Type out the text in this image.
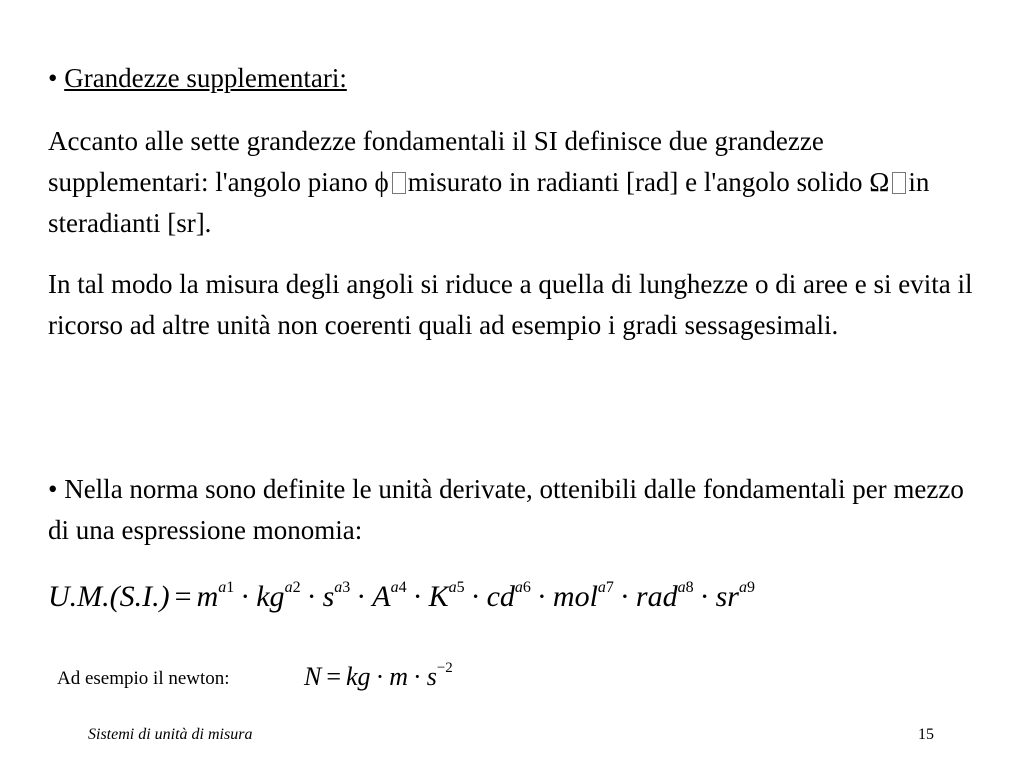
• Grandezze supplementari:
Accanto alle sette grandezze fondamentali il SI definisce due grandezze supplementari: l'angolo piano ϕ misurato in radianti [rad] e l'angolo solido Ω in steradianti [sr].
In tal modo la misura degli angoli si riduce a quella di lunghezze o di aree e si evita il ricorso ad altre unità non coerenti quali ad esempio i gradi sessagesimali.
• Nella norma sono definite le unità derivate, ottenibili dalle fondamentali per mezzo di una espressione monomia:
$U.M.(S.I.) = m^{a1} \cdot kg^{a2} \cdot s^{a3} \cdot A^{a4} \cdot K^{a5} \cdot cd^{a6} \cdot mol^{a7} \cdot rad^{a8} \cdot sr^{a9}$
Ad esempio il newton:	N = kg · $m \cdot s^{-2}$
Sistemi di unità di misura	15
